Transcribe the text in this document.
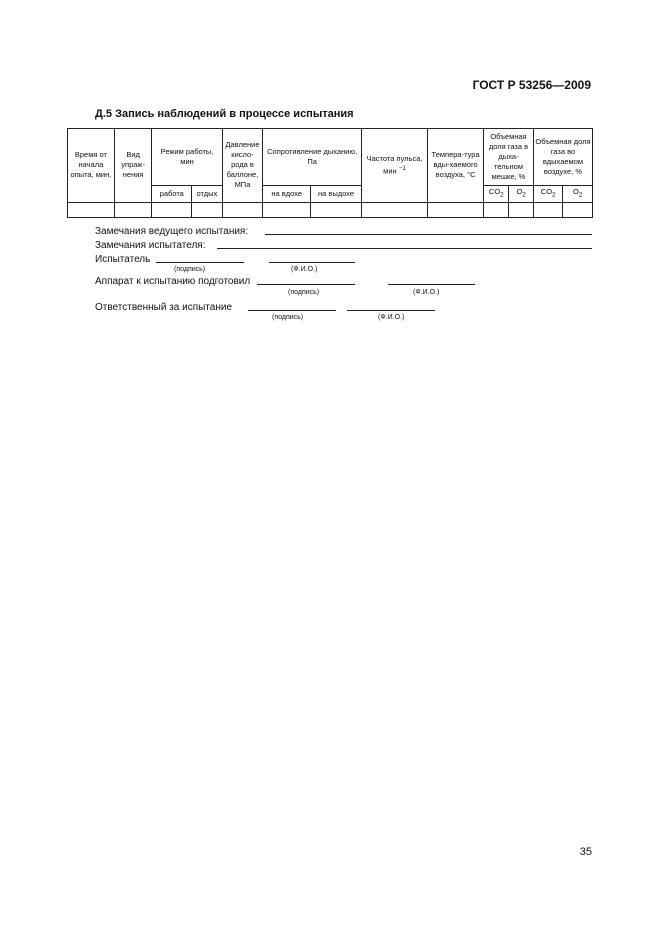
ГОСТ Р 53256—2009
Д.5 Запись наблюдений в процессе испытания
Время от начала опыта, мин,	Вид упраж-нения	Режим работы, мин		Давление кисло-рода в баллоне, МПа	Сопротивление дыханию, Па		Частота пульса, мин $^{-1}$	Темпера-тура вды-хаемого воздуха, °С	Объемная доля газа в дыха-тельном мешке, %		Объемная доля газа во вдыхаемом воздухе, %	
		работа	отдых		на вдохе	на выдохе			$CO_2$	$O_2$	$CO_2$	$O_2$

Замечания ведущего испытания:
Замечания испытателя:
Испытатель
(подпись)	(Ф.И.О.)
Аппарат к испытанию подготовил
(подпись)	(Ф.И.О.)
Ответственный за испытание
(подпись)	(Ф.И.О.)
35
